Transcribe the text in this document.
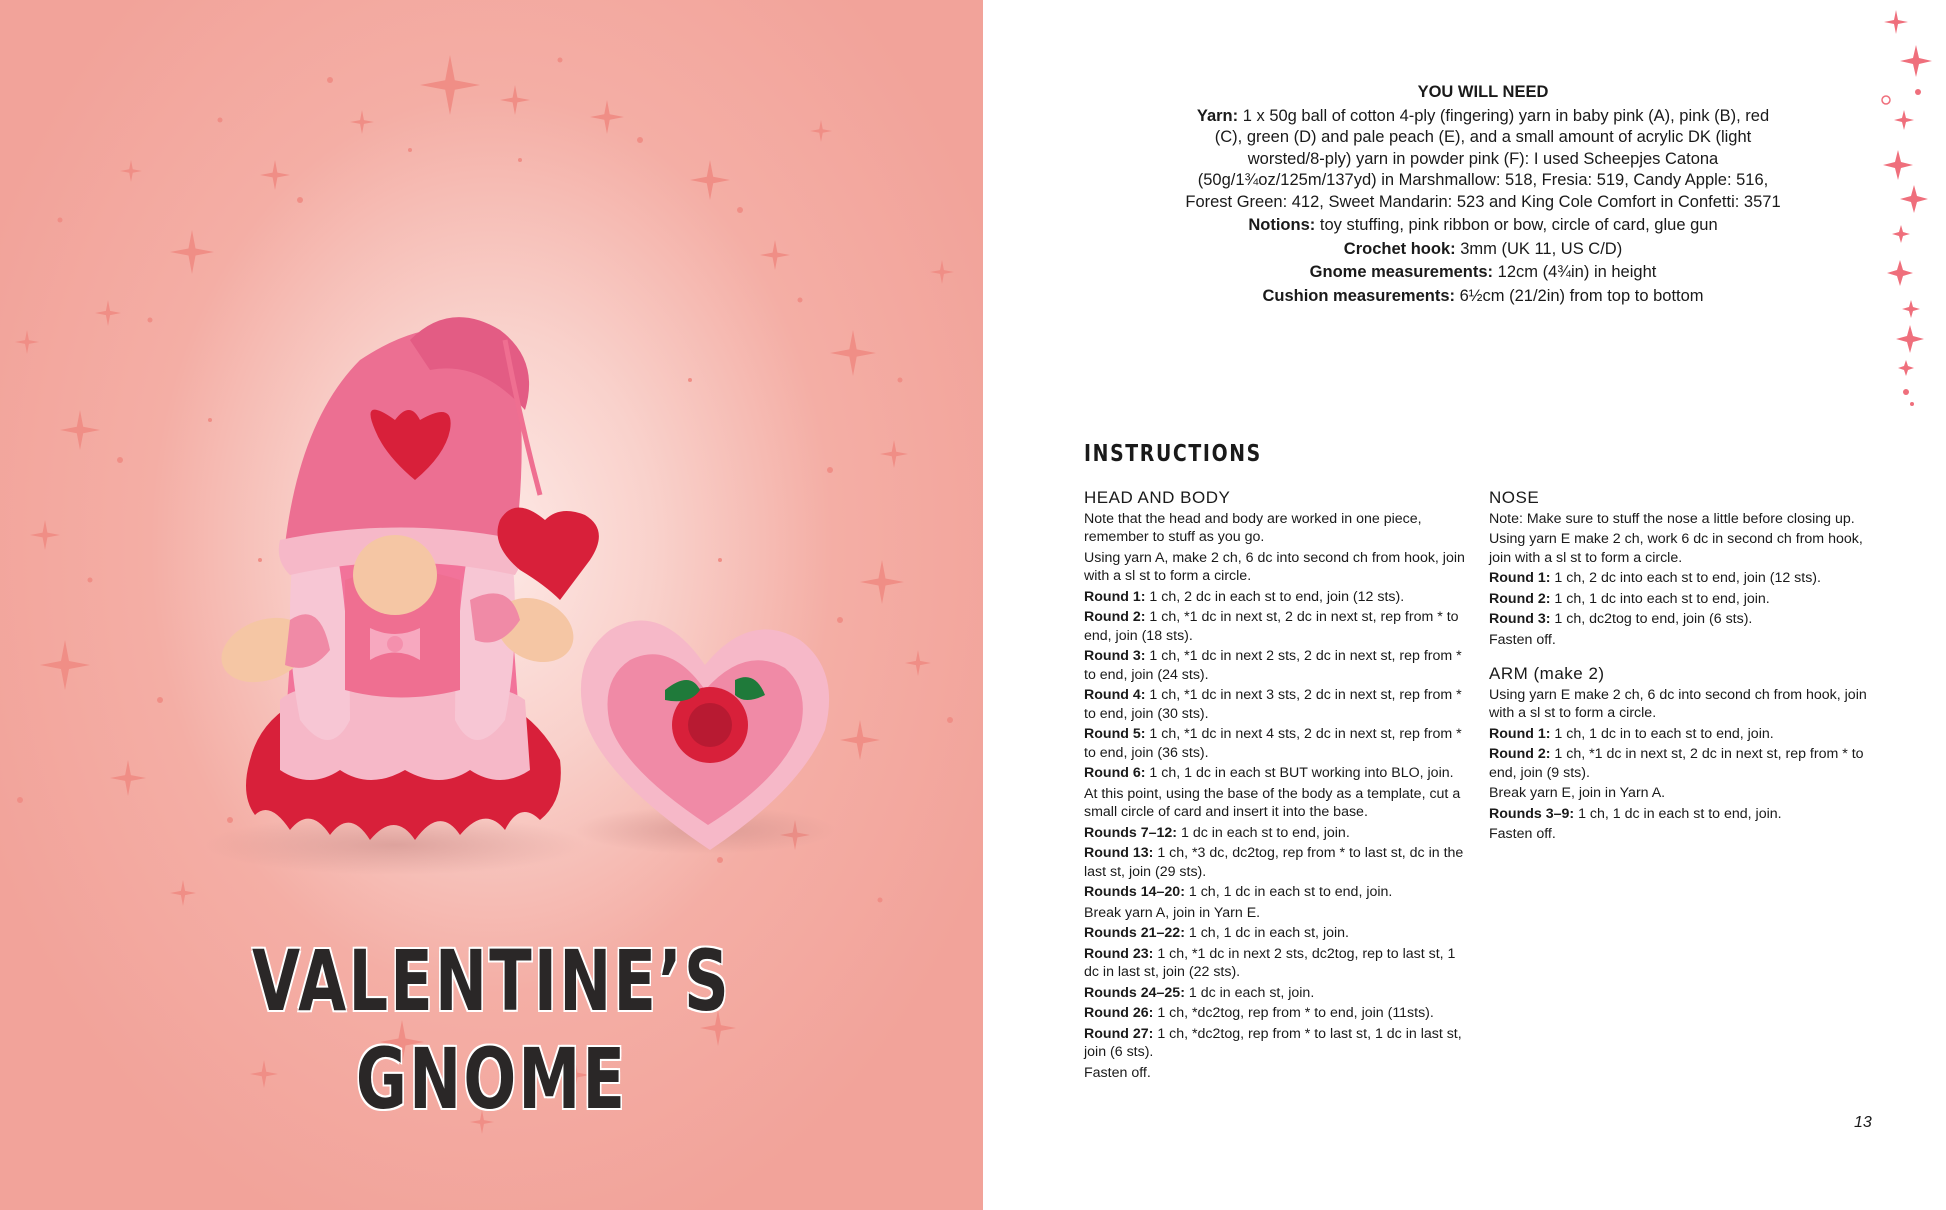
VALENTINE’S GNOME

YOU WILL NEED

Yarn: 1 x 50g ball of cotton 4-ply (fingering) yarn in baby pink (A), pink (B), red (C), green (D) and pale peach (E), and a small amount of acrylic DK (light worsted/8-ply) yarn in powder pink (F): I used Scheepjes Catona (50g/1¾oz/125m/137yd) in Marshmallow: 518, Fresia: 519, Candy Apple: 516, Forest Green: 412, Sweet Mandarin: 523 and King Cole Comfort in Confetti: 3571

Notions: toy stuffing, pink ribbon or bow, circle of card, glue gun

Crochet hook: 3mm (UK 11, US C/D)

Gnome measurements: 12cm (4¾in) in height

Cushion measurements: 6½cm (21/2in) from top to bottom

INSTRUCTIONS
HEAD AND BODY
Note that the head and body are worked in one piece, remember to stuff as you go.
Using yarn A, make 2 ch, 6 dc into second ch from hook, join with a sl st to form a circle.
Round 1: 1 ch, 2 dc in each st to end, join (12 sts).
Round 2: 1 ch, *1 dc in next st, 2 dc in next st, rep from * to end, join (18 sts).
Round 3: 1 ch, *1 dc in next 2 sts, 2 dc in next st, rep from * to end, join (24 sts).
Round 4: 1 ch, *1 dc in next 3 sts, 2 dc in next st, rep from * to end, join (30 sts).
Round 5: 1 ch, *1 dc in next 4 sts, 2 dc in next st, rep from * to end, join (36 sts).
Round 6: 1 ch, 1 dc in each st BUT working into BLO, join.
At this point, using the base of the body as a template, cut a small circle of card and insert it into the base.
Rounds 7–12: 1 dc in each st to end, join.
Round 13: 1 ch, *3 dc, dc2tog, rep from * to last st, dc in the last st, join (29 sts).
Rounds 14–20: 1 ch, 1 dc in each st to end, join.
Break yarn A, join in Yarn E.
Rounds 21–22: 1 ch, 1 dc in each st, join.
Round 23: 1 ch, *1 dc in next 2 sts, dc2tog, rep to last st, 1 dc in last st, join (22 sts).
Rounds 24–25: 1 dc in each st, join.
Round 26: 1 ch, *dc2tog, rep from * to end, join (11sts).
Round 27: 1 ch, *dc2tog, rep from * to last st, 1 dc in last st, join (6 sts).
Fasten off.
NOSE
Note: Make sure to stuff the nose a little before closing up.
Using yarn E make 2 ch, work 6 dc in second ch from hook, join with a sl st to form a circle.
Round 1: 1 ch, 2 dc into each st to end, join (12 sts).
Round 2: 1 ch, 1 dc into each st to end, join.
Round 3: 1 ch, dc2tog to end, join (6 sts).
Fasten off.
ARM (make 2)
Using yarn E make 2 ch, 6 dc into second ch from hook, join with a sl st to form a circle.
Round 1: 1 ch, 1 dc in to each st to end, join.
Round 2: 1 ch, *1 dc in next st, 2 dc in next st, rep from * to end, join (9 sts).
Break yarn E, join in Yarn A.
Rounds 3–9: 1 ch, 1 dc in each st to end, join.
Fasten off.
13
